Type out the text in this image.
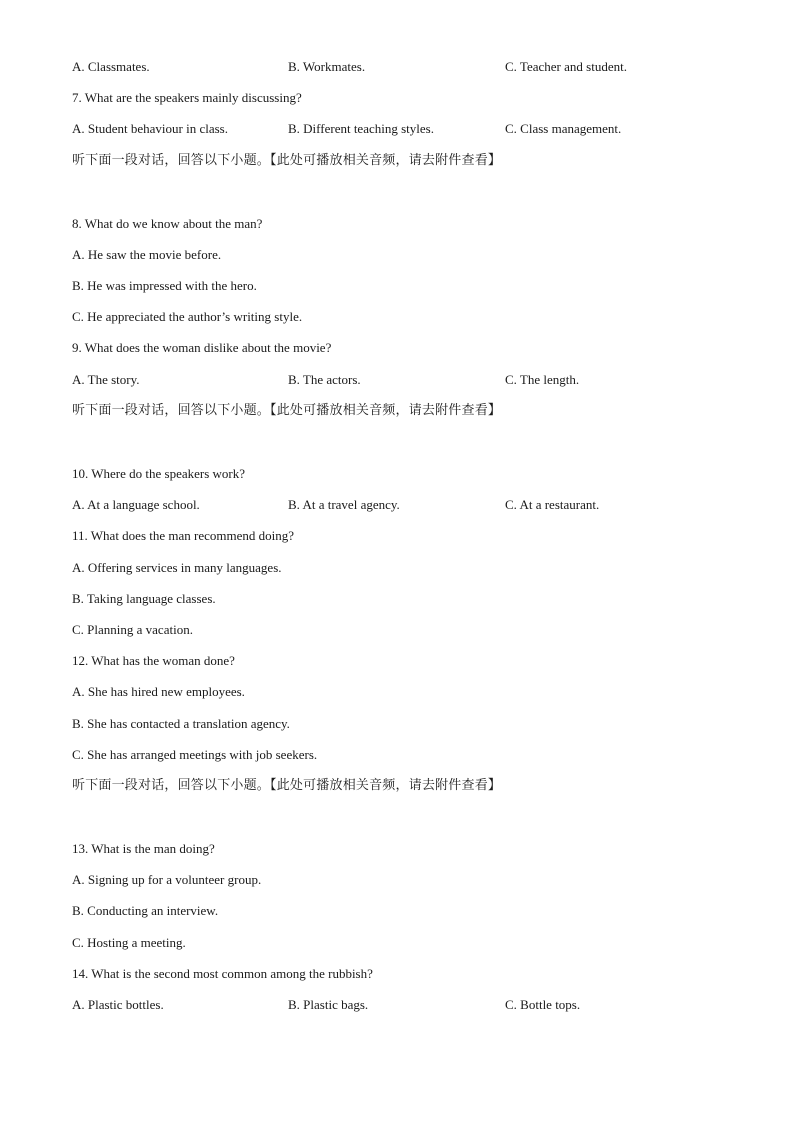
A. Classmates.	B. Workmates.	C. Teacher and student.
7. What are the speakers mainly discussing?
A. Student behaviour in class.	B. Different teaching styles.	C. Class management.
听下面一段对话，回答以下小题。【此处可播放相关音频，请去附件查看】
8. What do we know about the man?
A. He saw the movie before.
B. He was impressed with the hero.
C. He appreciated the author’s writing style.
9. What does the woman dislike about the movie?
A. The story.	B. The actors.	C. The length.
听下面一段对话，回答以下小题。【此处可播放相关音频，请去附件查看】
10. Where do the speakers work?
A. At a language school.	B. At a travel agency.	C. At a restaurant.
11. What does the man recommend doing?
A. Offering services in many languages.
B. Taking language classes.
C. Planning a vacation.
12. What has the woman done?
A. She has hired new employees.
B. She has contacted a translation agency.
C. She has arranged meetings with job seekers.
听下面一段对话，回答以下小题。【此处可播放相关音频，请去附件查看】
13. What is the man doing?
A. Signing up for a volunteer group.
B. Conducting an interview.
C. Hosting a meeting.
14. What is the second most common among the rubbish?
A. Plastic bottles.	B. Plastic bags.	C. Bottle tops.
